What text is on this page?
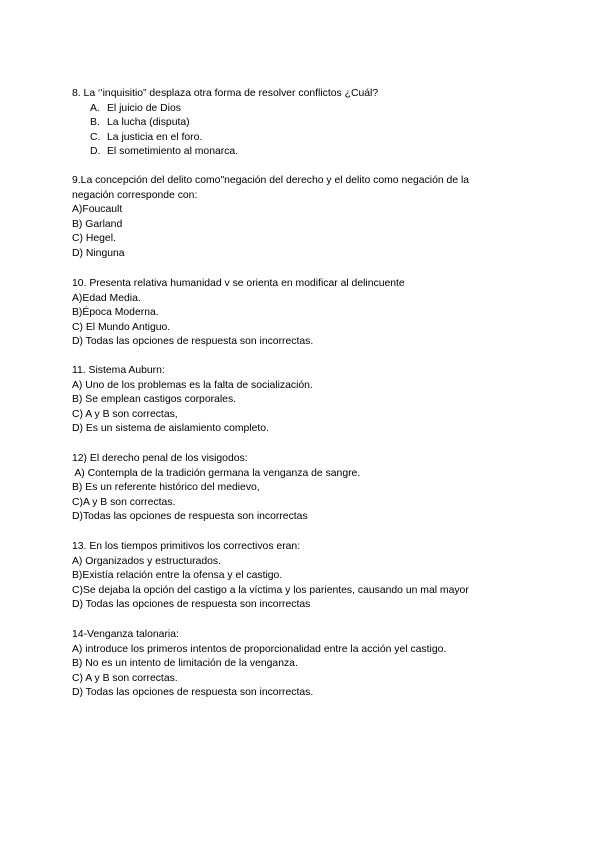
8. La ‘’inquisitio” desplaza otra forma de resolver conflictos ¿Cuál?
A. El juicio de Dios
B. La lucha (disputa)
C. La justicia en el foro.
D. El sometimiento al monarca.
9.La concepción del delito como"negación del derecho y el delito como negación de la
negación corresponde con:
A)Foucault
B) Garland
C) Hegel.
D) Ninguna
10. Presenta relativa humanidad v se orienta en modificar al delincuente
A)Edad Media.
B)Época Moderna.
C) El Mundo Antiguo.
D) Todas las opciones de respuesta son incorrectas.
11. Sistema Auburn:
A) Uno de los problemas es la falta de socialización.
B) Se emplean castigos corporales.
C) A y B son correctas,
D) Es un sistema de aislamiento completo.
12) El derecho penal de los visigodos:
A) Contempla de la tradición germana la venganza de sangre.
B) Es un referente histórico del medievo,
C)A y B son correctas.
D)Todas las opciones de respuesta son incorrectas
13. En los tiempos primitivos los correctivos eran:
A) Organizados y estructurados.
B)Existía relación entre la ofensa y el castigo.
C)Se dejaba la opción del castigo a la víctima y los parientes, causando un mal mayor
D) Todas las opciones de respuesta son incorrectas
14-Venganza talonaria:
A) introduce los primeros intentos de proporcionalidad entre la acción yel castigo.
B) No es un intento de limitación de la venganza.
C) A y B son correctas.
D) Todas las opciones de respuesta son incorrectas.
